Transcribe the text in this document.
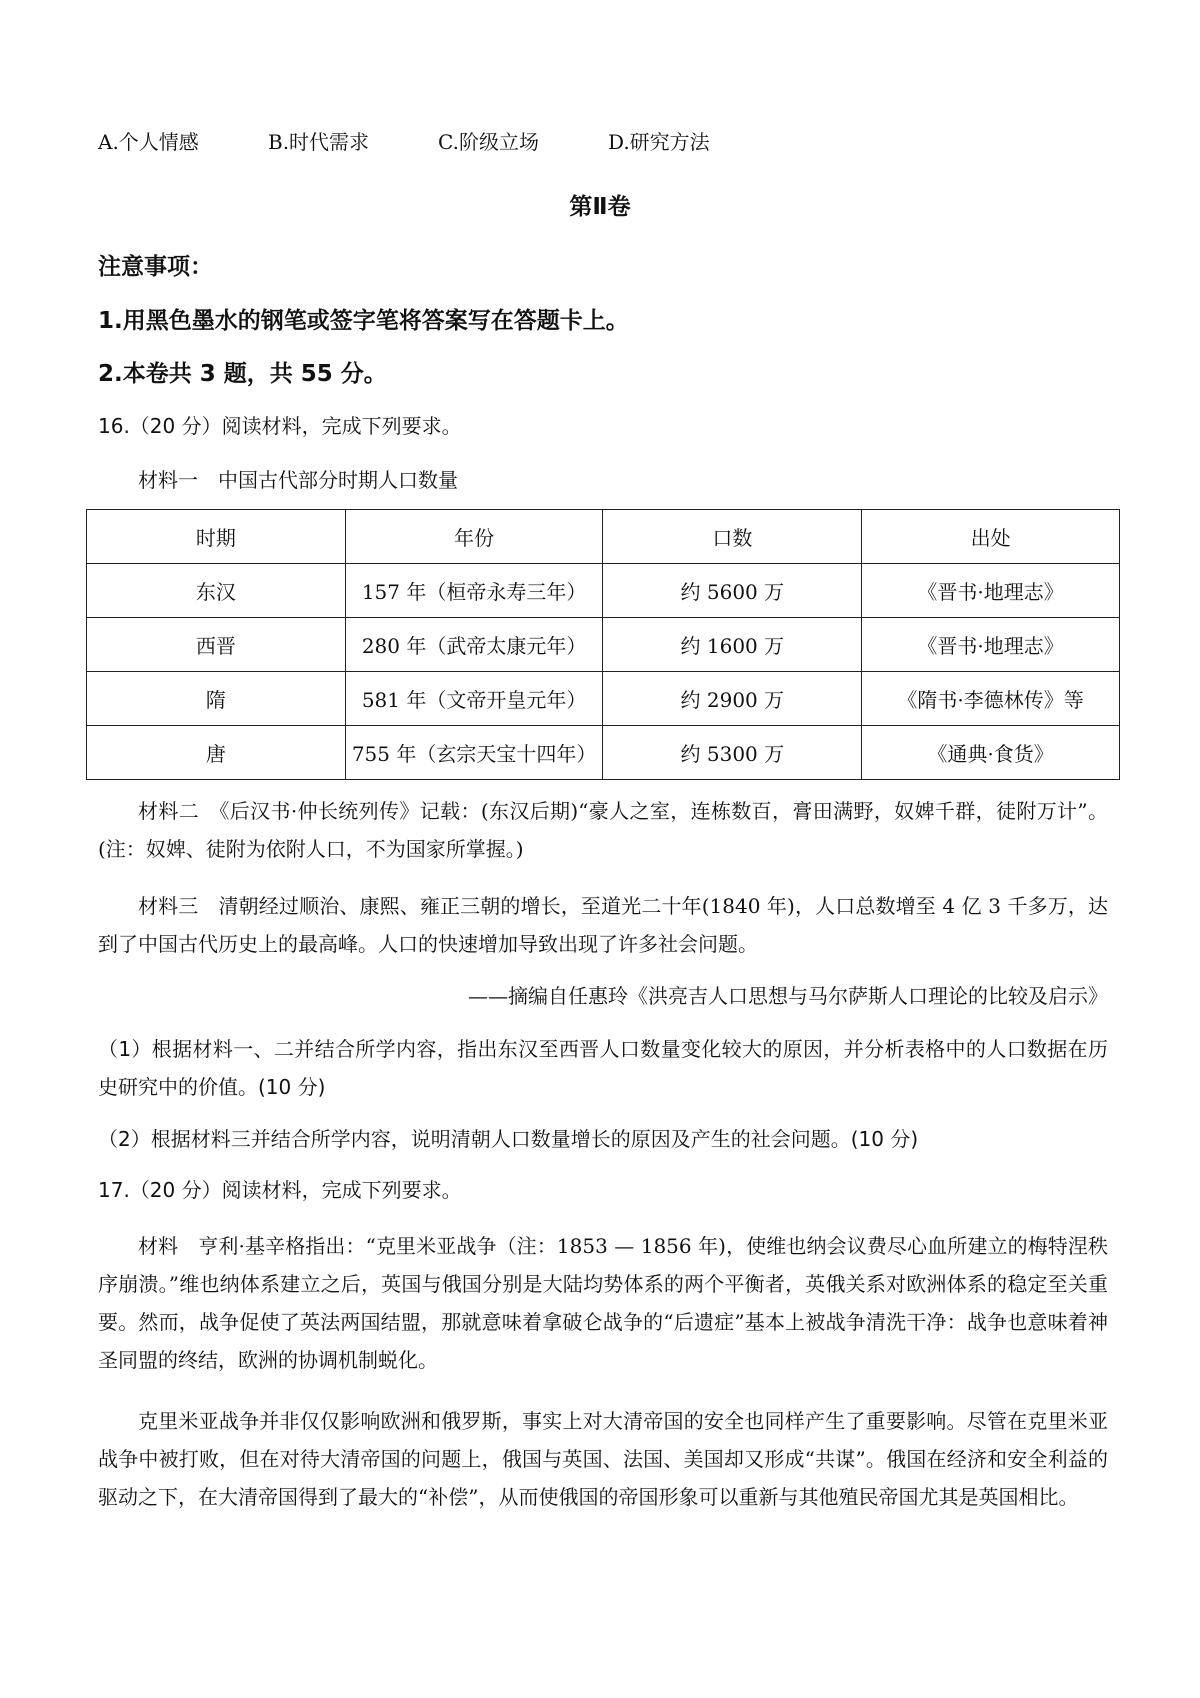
A.个人情感	B.时代需求	C.阶级立场	D.研究方法
第Ⅱ卷
注意事项：
1.用黑色墨水的钢笔或签字笔将答案写在答题卡上。
2.本卷共 3 题，共 55 分。
16.（20 分）阅读材料，完成下列要求。
材料一　中国古代部分时期人口数量
时期	年份	口数	出处
东汉	157 年（桓帝永寿三年）	约 5600 万	《晋书·地理志》
西晋	280 年（武帝太康元年）	约 1600 万	《晋书·地理志》
隋	581 年（文帝开皇元年）	约 2900 万	《隋书·李德林传》等
唐	755 年（玄宗天宝十四年）	约 5300 万	《通典·食货》
材料二　《后汉书·仲长统列传》记载：(东汉后期)“豪人之室，连栋数百，膏田满野，奴婢千群，徒附万计”。(注：奴婢、徒附为依附人口，不为国家所掌握。)
材料三　清朝经过顺治、康熙、雍正三朝的增长，至道光二十年(1840 年)，人口总数增至 4 亿 3 千多万，达到了中国古代历史上的最高峰。人口的快速增加导致出现了许多社会问题。
——摘编自任惠玲《洪亮吉人口思想与马尔萨斯人口理论的比较及启示》
（1）根据材料一、二并结合所学内容，指出东汉至西晋人口数量变化较大的原因，并分析表格中的人口数据在历史研究中的价值。(10 分)
（2）根据材料三并结合所学内容，说明清朝人口数量增长的原因及产生的社会问题。(10 分)
17.（20 分）阅读材料，完成下列要求。
材料　亨利·基辛格指出：“克里米亚战争（注：1853 — 1856 年)，使维也纳会议费尽心血所建立的梅特涅秩序崩溃。”维也纳体系建立之后，英国与俄国分别是大陆均势体系的两个平衡者，英俄关系对欧洲体系的稳定至关重要。然而，战争促使了英法两国结盟，那就意味着拿破仑战争的“后遗症”基本上被战争清洗干净：战争也意味着神圣同盟的终结，欧洲的协调机制蜕化。
克里米亚战争并非仅仅影响欧洲和俄罗斯，事实上对大清帝国的安全也同样产生了重要影响。尽管在克里米亚战争中被打败，但在对待大清帝国的问题上，俄国与英国、法国、美国却又形成“共谋”。俄国在经济和安全利益的驱动之下，在大清帝国得到了最大的“补偿”，从而使俄国的帝国形象可以重新与其他殖民帝国尤其是英国相比。
